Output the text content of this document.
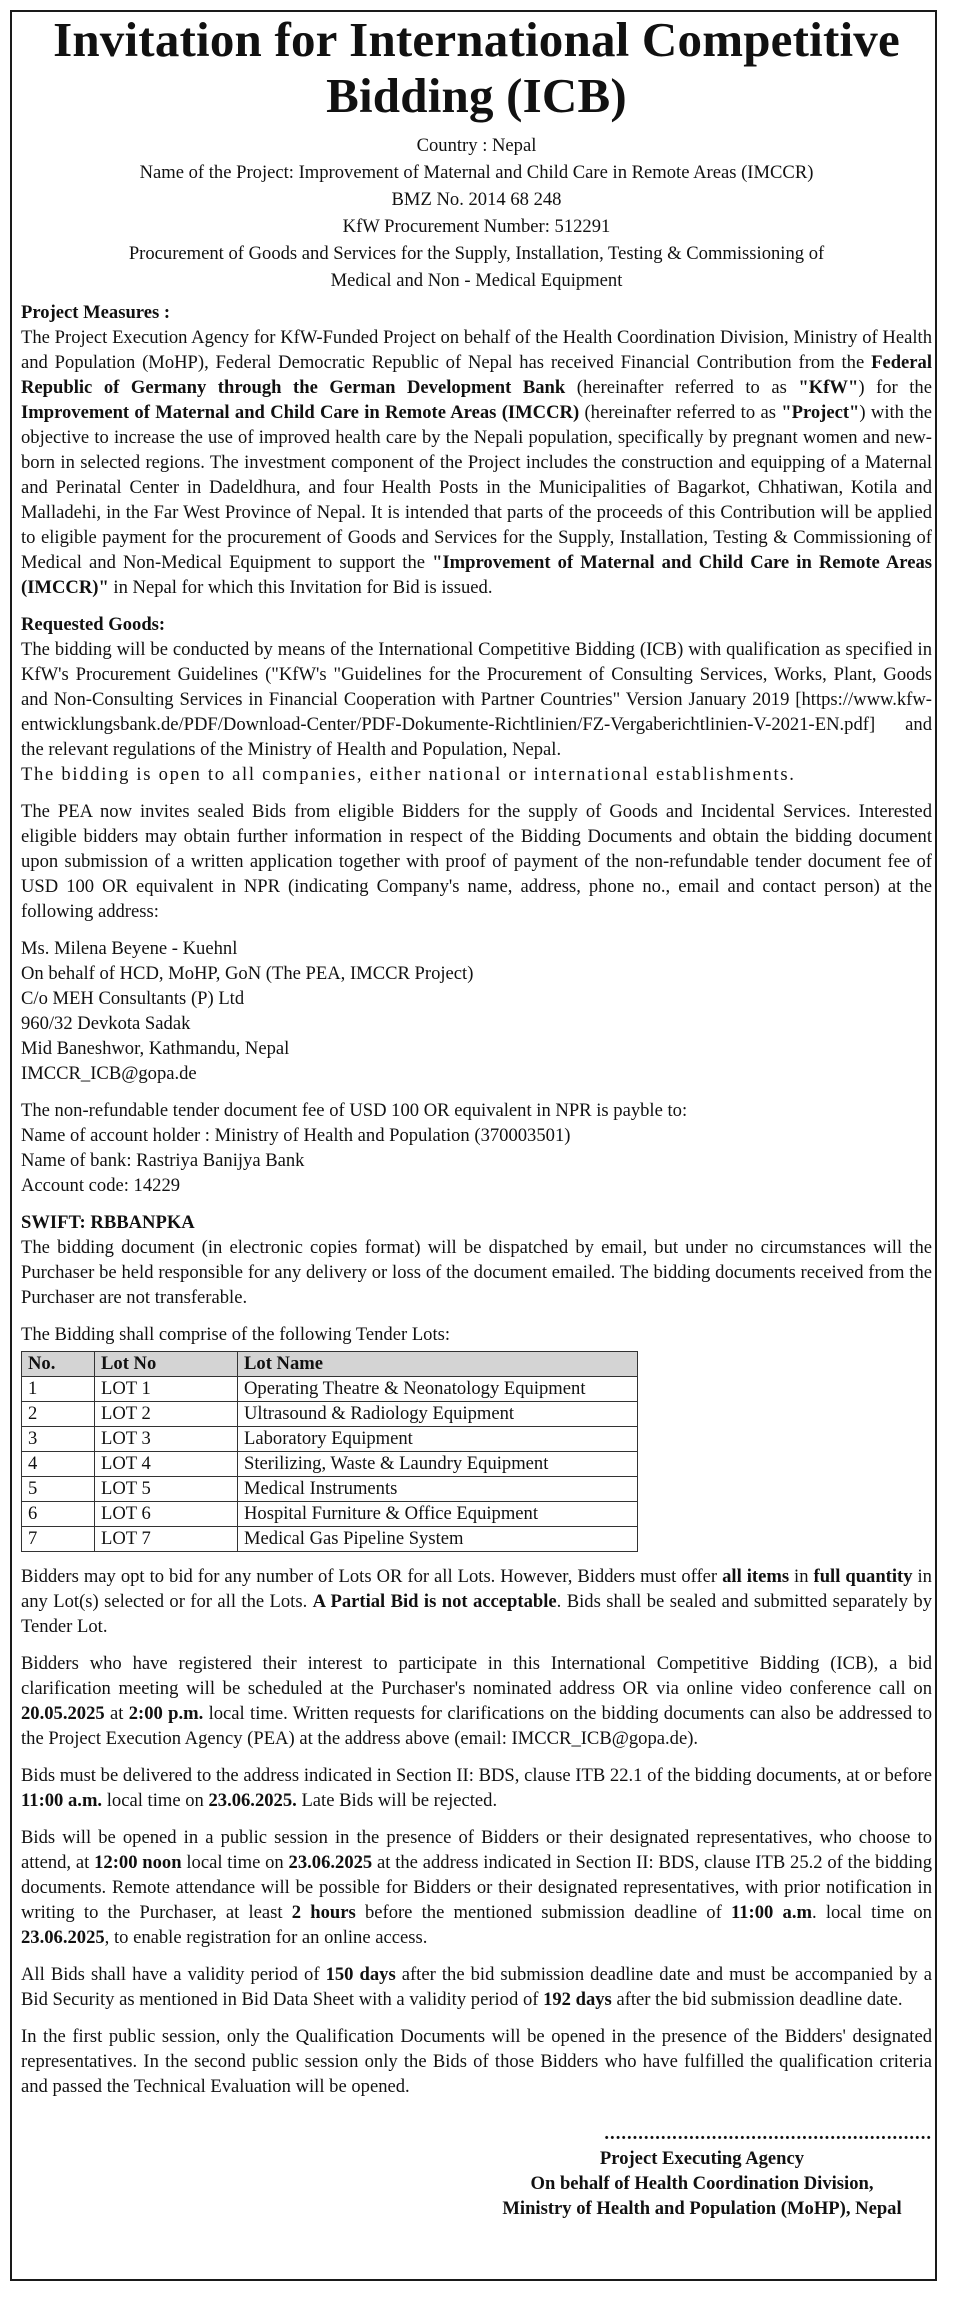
Invitation for International Competitive Bidding (ICB)
Country : Nepal
Name of the Project: Improvement of Maternal and Child Care in Remote Areas (IMCCR)
BMZ No. 2014 68 248
KfW Procurement Number: 512291
Procurement of Goods and Services for the Supply, Installation, Testing & Commissioning of
Medical and Non - Medical Equipment
Project Measures :

The Project Execution Agency for KfW-Funded Project on behalf of the Health Coordination Division, Ministry of Health and Population (MoHP), Federal Democratic Republic of Nepal has received Financial Contribution from the Federal Republic of Germany through the German Development Bank (hereinafter referred to as "KfW") for the Improvement of Maternal and Child Care in Remote Areas (IMCCR) (hereinafter referred to as "Project") with the objective to increase the use of improved health care by the Nepali population, specifically by pregnant women and new-born in selected regions. The investment component of the Project includes the construction and equipping of a Maternal and Perinatal Center in Dadeldhura, and four Health Posts in the Municipalities of Bagarkot, Chhatiwan, Kotila and Malladehi, in the Far West Province of Nepal. It is intended that parts of the proceeds of this Contribution will be applied to eligible payment for the procurement of Goods and Services for the Supply, Installation, Testing & Commissioning of Medical and Non-Medical Equipment to support the "Improvement of Maternal and Child Care in Remote Areas (IMCCR)" in Nepal for which this Invitation for Bid is issued.

Requested Goods:

The bidding will be conducted by means of the International Competitive Bidding (ICB) with qualification as specified in KfW's Procurement Guidelines ("KfW's "Guidelines for the Procurement of Consulting Services, Works, Plant, Goods and Non-Consulting Services in Financial Cooperation with Partner Countries" Version January 2019 [https://www.kfw-entwicklungsbank.de/PDF/Download-Center/PDF-Dokumente-Richtlinien/FZ-Vergaberichtlinien-V-2021-EN.pdf] and the relevant regulations of the Ministry of Health and Population, Nepal.

The bidding is open to all companies, either national or international establishments.

The PEA now invites sealed Bids from eligible Bidders for the supply of Goods and Incidental Services. Interested eligible bidders may obtain further information in respect of the Bidding Documents and obtain the bidding document upon submission of a written application together with proof of payment of the non-refundable tender document fee of USD 100 OR equivalent in NPR (indicating Company's name, address, phone no., email and contact person) at the following address:

Ms. Milena Beyene - Kuehnl
On behalf of HCD, MoHP, GoN (The PEA, IMCCR Project)
C/o MEH Consultants (P) Ltd
960/32 Devkota Sadak
Mid Baneshwor, Kathmandu, Nepal
IMCCR_ICB@gopa.de
The non-refundable tender document fee of USD 100 OR equivalent in NPR is payble to:
Name of account holder : Ministry of Health and Population (370003501)
Name of bank: Rastriya Banijya Bank
Account code: 14229
SWIFT: RBBANPKA

The bidding document (in electronic copies format) will be dispatched by email, but under no circumstances will the Purchaser be held responsible for any delivery or loss of the document emailed. The bidding documents received from the Purchaser are not transferable.

The Bidding shall comprise of the following Tender Lots:

No.	Lot No	Lot Name
1	LOT 1	Operating Theatre & Neonatology Equipment
2	LOT 2	Ultrasound & Radiology Equipment
3	LOT 3	Laboratory Equipment
4	LOT 4	Sterilizing, Waste & Laundry Equipment
5	LOT 5	Medical Instruments
6	LOT 6	Hospital Furniture & Office Equipment
7	LOT 7	Medical Gas Pipeline System

Bidders may opt to bid for any number of Lots OR for all Lots. However, Bidders must offer all items in full quantity in any Lot(s) selected or for all the Lots. A Partial Bid is not acceptable. Bids shall be sealed and submitted separately by Tender Lot.

Bidders who have registered their interest to participate in this International Competitive Bidding (ICB), a bid clarification meeting will be scheduled at the Purchaser's nominated address OR via online video conference call on 20.05.2025 at 2:00 p.m. local time. Written requests for clarifications on the bidding documents can also be addressed to the Project Execution Agency (PEA) at the address above (email: IMCCR_ICB@gopa.de).

Bids must be delivered to the address indicated in Section II: BDS, clause ITB 22.1 of the bidding documents, at or before 11:00 a.m. local time on 23.06.2025. Late Bids will be rejected.

Bids will be opened in a public session in the presence of Bidders or their designated representatives, who choose to attend, at 12:00 noon local time on 23.06.2025 at the address indicated in Section II: BDS, clause ITB 25.2 of the bidding documents. Remote attendance will be possible for Bidders or their designated representatives, with prior notification in writing to the Purchaser, at least 2 hours before the mentioned submission deadline of 11:00 a.m. local time on 23.06.2025, to enable registration for an online access.

All Bids shall have a validity period of 150 days after the bid submission deadline date and must be accompanied by a Bid Security as mentioned in Bid Data Sheet with a validity period of 192 days after the bid submission deadline date.

In the first public session, only the Qualification Documents will be opened in the presence of the Bidders' designated representatives. In the second public session only the Bids of those Bidders who have fulfilled the qualification criteria and passed the Technical Evaluation will be opened.

..........................................................
Project Executing Agency
On behalf of Health Coordination Division,
Ministry of Health and Population (MoHP), Nepal
